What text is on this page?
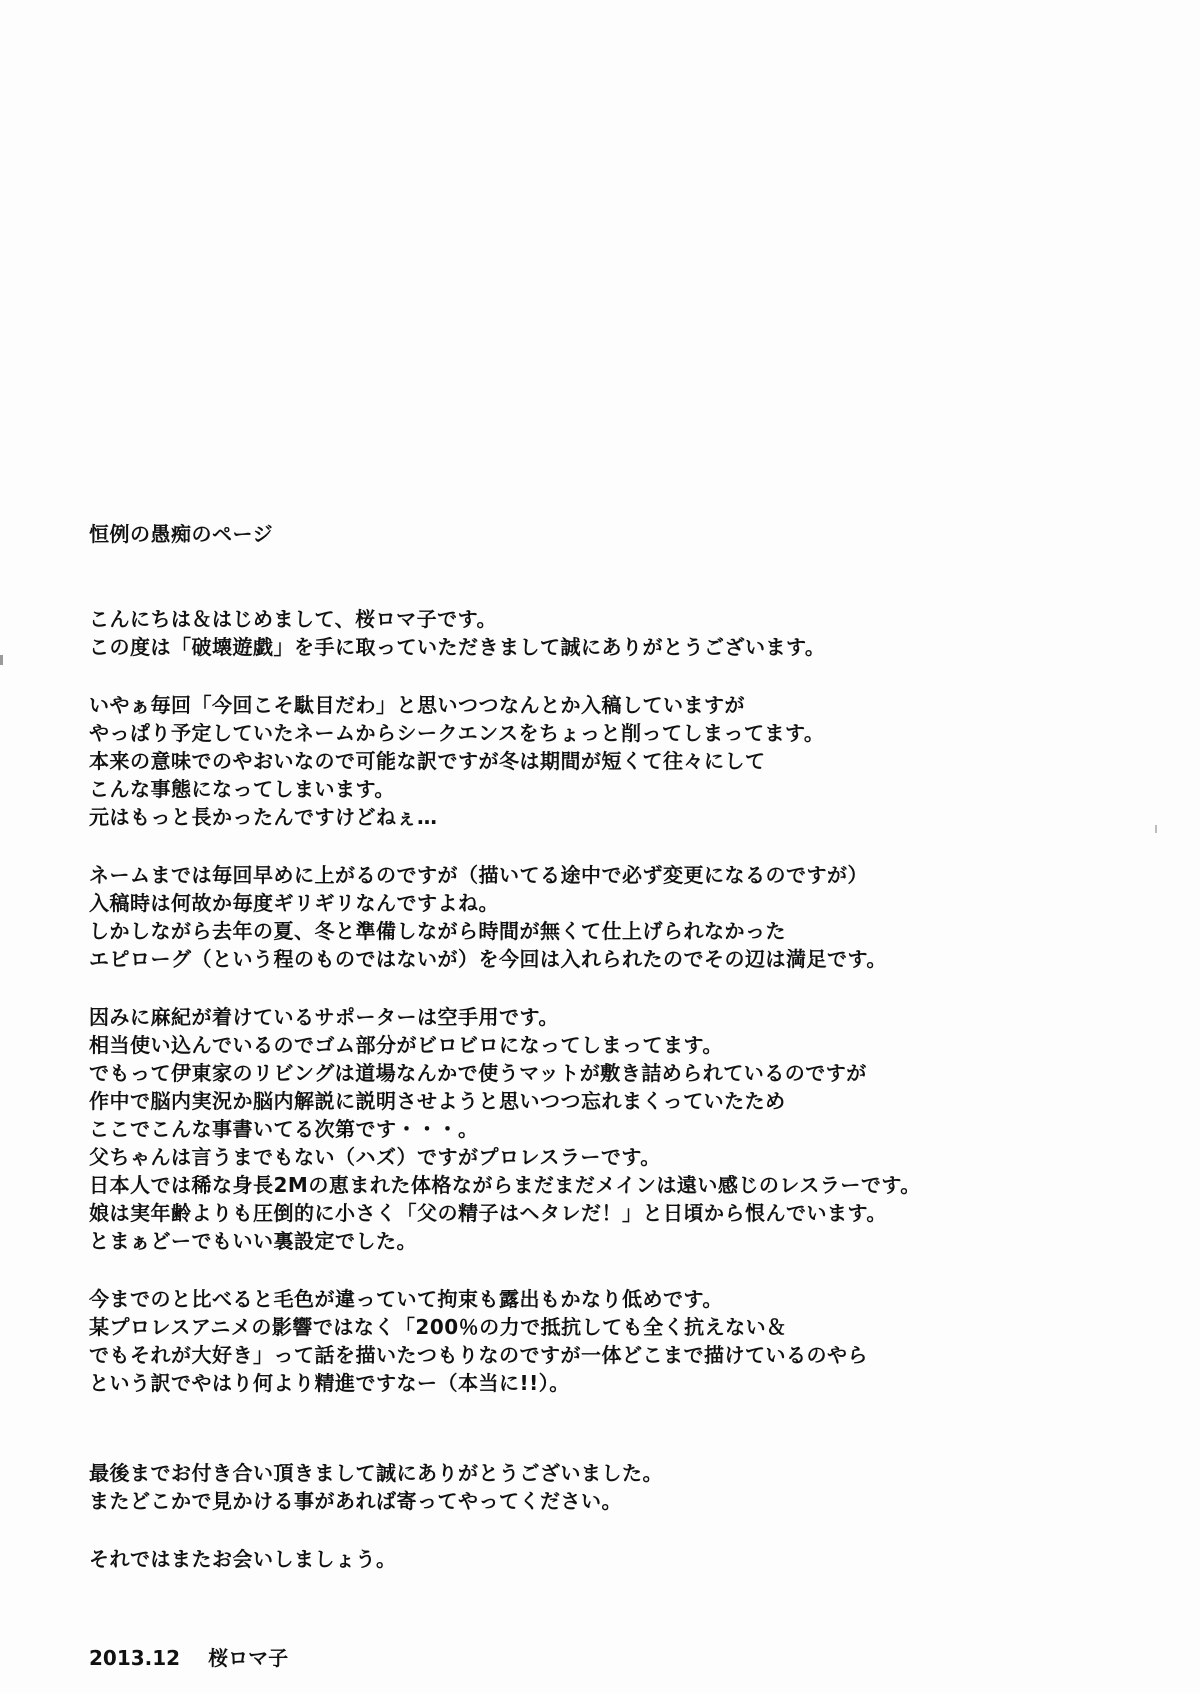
恒例の愚痴のページ
こんにちは＆はじめまして、桜ロマ子です。
この度は「破壊遊戯」を手に取っていただきまして誠にありがとうございます。
いやぁ毎回「今回こそ駄目だわ」と思いつつなんとか入稿していますが
やっぱり予定していたネームからシークエンスをちょっと削ってしまってます。
本来の意味でのやおいなので可能な訳ですが冬は期間が短くて往々にして
こんな事態になってしまいます。
元はもっと長かったんですけどねぇ…
ネームまでは毎回早めに上がるのですが（描いてる途中で必ず変更になるのですが）
入稿時は何故か毎度ギリギリなんですよね。
しかしながら去年の夏、冬と準備しながら時間が無くて仕上げられなかった
エピローグ（という程のものではないが）を今回は入れられたのでその辺は満足です。
因みに麻紀が着けているサポーターは空手用です。
相当使い込んでいるのでゴム部分がビロビロになってしまってます。
でもって伊東家のリビングは道場なんかで使うマットが敷き詰められているのですが
作中で脳内実況か脳内解説に説明させようと思いつつ忘れまくっていたため
ここでこんな事書いてる次第です・・・。
父ちゃんは言うまでもない（ハズ）ですがプロレスラーです。
日本人では稀な身長2Mの恵まれた体格ながらまだまだメインは遠い感じのレスラーです。
娘は実年齢よりも圧倒的に小さく「父の精子はヘタレだ！」と日頃から恨んでいます。
とまぁどーでもいい裏設定でした。
今までのと比べると毛色が違っていて拘束も露出もかなり低めです。
某プロレスアニメの影響ではなく「200％の力で抵抗しても全く抗えない＆
でもそれが大好き」って話を描いたつもりなのですが一体どこまで描けているのやら
という訳でやはり何より精進ですなー（本当に!!）。
最後までお付き合い頂きまして誠にありがとうございました。
またどこかで見かける事があれば寄ってやってください。
それではまたお会いしましょう。
2013.12 桜ロマ子
